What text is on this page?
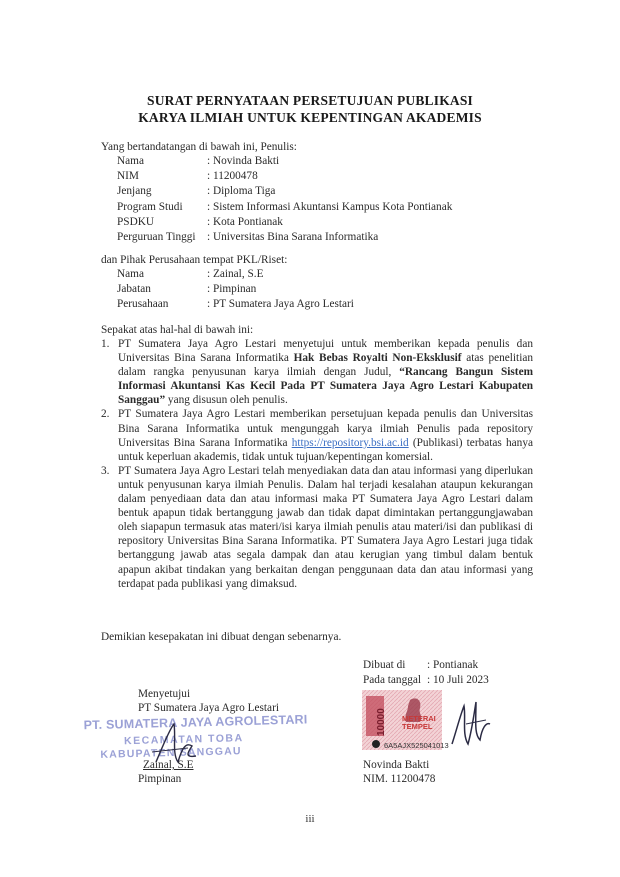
SURAT PERNYATAAN PERSETUJUAN PUBLIKASI
KARYA ILMIAH UNTUK KEPENTINGAN AKADEMIS
Yang bertandatangan di bawah ini, Penulis:
Nama	: Novinda Bakti
NIM	: 11200478
Jenjang	: Diploma Tiga
Program Studi	: Sistem Informasi Akuntansi Kampus Kota Pontianak
PSDKU	: Kota Pontianak
Perguruan Tinggi	: Universitas Bina Sarana Informatika
dan Pihak Perusahaan tempat PKL/Riset:
Nama	: Zainal, S.E
Jabatan	: Pimpinan
Perusahaan	: PT Sumatera Jaya Agro Lestari
Sepakat atas hal-hal di bawah ini:
1. PT Sumatera Jaya Agro Lestari menyetujui untuk memberikan kepada penulis dan Universitas Bina Sarana Informatika Hak Bebas Royalti Non-Eksklusif atas penelitian dalam rangka penyusunan karya ilmiah dengan Judul, “Rancang Bangun Sistem Informasi Akuntansi Kas Kecil Pada PT Sumatera Jaya Agro Lestari Kabupaten Sanggau” yang disusun oleh penulis.
2. PT Sumatera Jaya Agro Lestari memberikan persetujuan kepada penulis dan Universitas Bina Sarana Informatika untuk mengunggah karya ilmiah Penulis pada repository Universitas Bina Sarana Informatika https://repository.bsi.ac.id (Publikasi) terbatas hanya untuk keperluan akademis, tidak untuk tujuan/kepentingan komersial.
3. PT Sumatera Jaya Agro Lestari telah menyediakan data dan atau informasi yang diperlukan untuk penyusunan karya ilmiah Penulis. Dalam hal terjadi kesalahan ataupun kekurangan dalam penyediaan data dan atau informasi maka PT Sumatera Jaya Agro Lestari dalam bentuk apapun tidak bertanggung jawab dan tidak dapat dimintakan pertanggungjawaban oleh siapapun termasuk atas materi/isi karya ilmiah penulis atau materi/isi dan publikasi di repository Universitas Bina Sarana Informatika. PT Sumatera Jaya Agro Lestari juga tidak bertanggung jawab atas segala dampak dan atau kerugian yang timbul dalam bentuk apapun akibat tindakan yang berkaitan dengan penggunaan data dan atau informasi yang terdapat pada publikasi yang dimaksud.
Demikian kesepakatan ini dibuat dengan sebenarnya.
Dibuat di	: Pontianak
Pada tanggal : 10 Juli 2023
Menyetujui
PT Sumatera Jaya Agro Lestari
PT. SUMATERA JAYA AGROLESTARI
KECAMATAN TOBA
KABUPATEN SANGGAU
Zainal, S.E
Pimpinan
10000 METERAI
TEMPEL
6A5AJX525041013
Novinda Bakti
NIM. 11200478
iii
